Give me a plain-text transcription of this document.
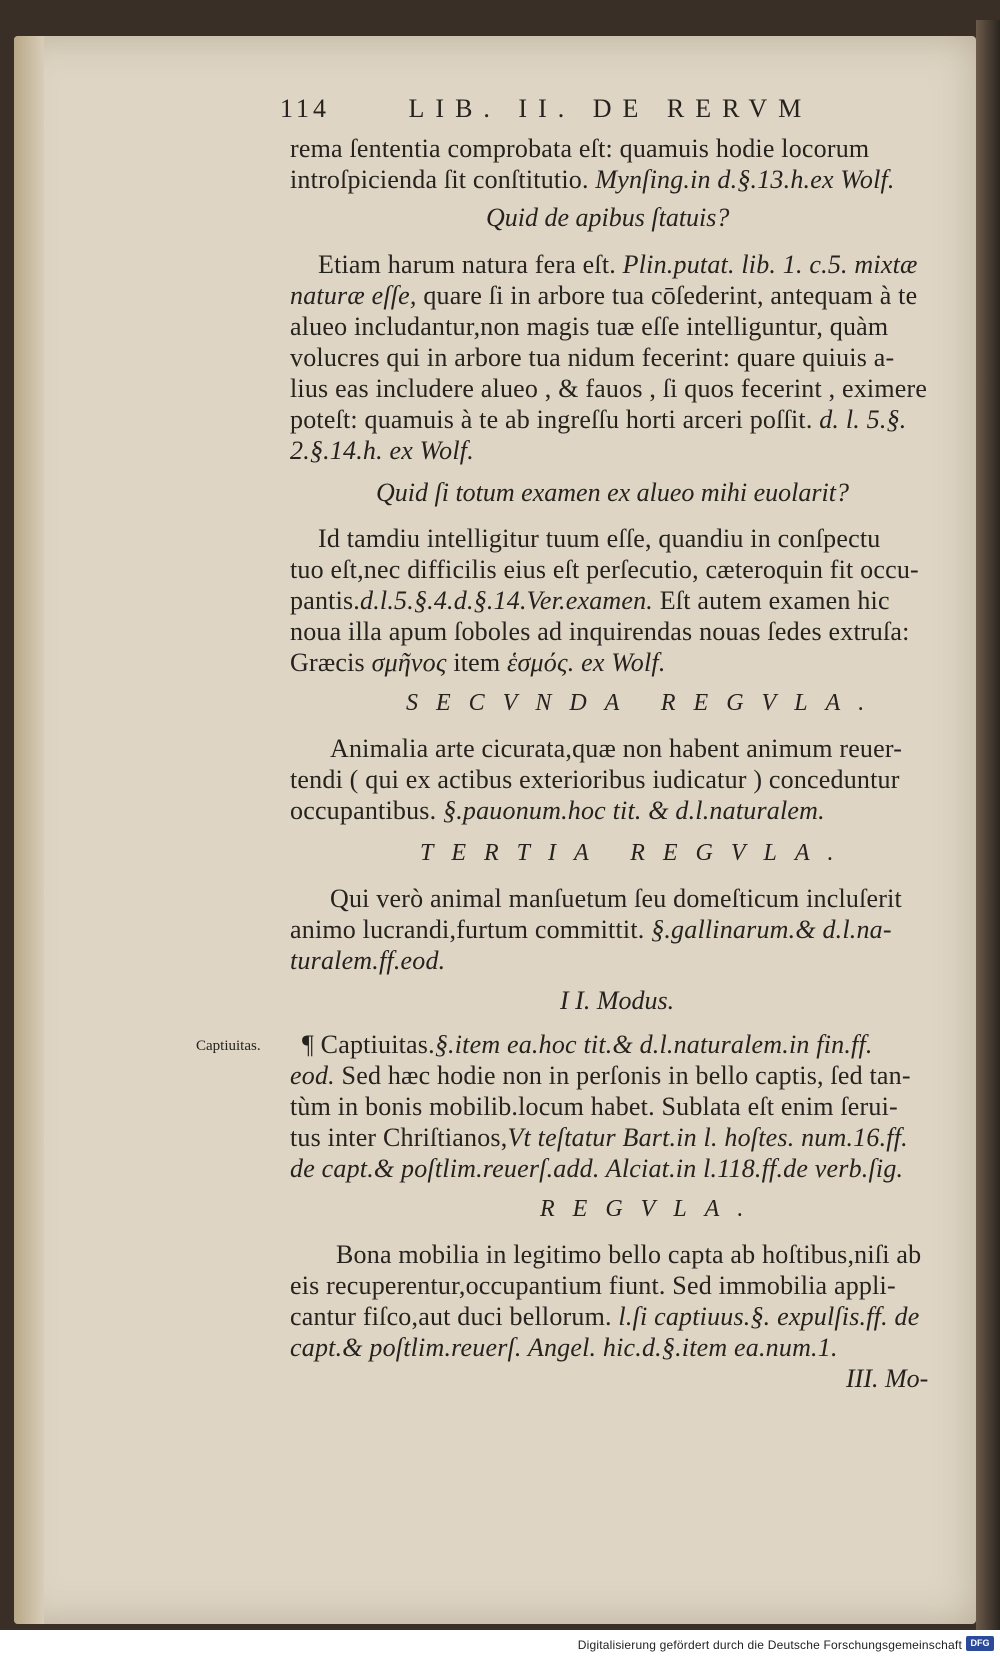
114	LIB. II. DE RERVM
rema ſententia comprobata eſt: quamuis hodie locorum
introſpicienda ſit conſtitutio. Mynſing.in d.§.13.h.ex Wolf.
Quid de apibus ſtatuis?
Etiam harum natura fera eſt. Plin.putat. lib. 1. c.5. mixtæ
naturæ eſſe, quare ſi in arbore tua cōſederint, antequam à te
alueo includantur,non magis tuæ eſſe intelliguntur, quàm
volucres qui in arbore tua nidum fecerint: quare quiuis a-
lius eas includere alueo , & fauos , ſi quos fecerint , eximere
poteſt: quamuis à te ab ingreſſu horti arceri poſſit. d. l. 5.§.
2.§.14.h. ex Wolf.
Quid ſi totum examen ex alueo mihi euolarit?
Id tamdiu intelligitur tuum eſſe, quandiu in conſpectu
tuo eſt,nec difficilis eius eſt perſecutio, cæteroquin fit occu-
pantis.d.l.5.§.4.d.§.14.Ver.examen. Eſt autem examen hic
noua illa apum ſoboles ad inquirendas nouas ſedes extruſa:
Græcis σμῆνος item ἑσμός. ex Wolf.
SECVNDA REGVLA.
Animalia arte cicurata,quæ non habent animum reuer-
tendi ( qui ex actibus exterioribus iudicatur ) conceduntur
occupantibus. §.pauonum.hoc tit. & d.l.naturalem.
TERTIA REGVLA.
Qui verò animal manſuetum ſeu domeſticum incluſerit
animo lucrandi,furtum committit. §.gallinarum.& d.l.na-
turalem.ff.eod.
I I. Modus.
Captiuitas. ¶ Captiuitas.§.item ea.hoc tit.& d.l.naturalem.in fin.ff.
eod. Sed hæc hodie non in perſonis in bello captis, ſed tan-
tùm in bonis mobilib.locum habet. Sublata eſt enim ſerui-
tus inter Chriſtianos,Vt teſtatur Bart.in l. hoſtes. num.16.ff.
de capt.& poſtlim.reuerſ.add. Alciat.in l.118.ff.de verb.ſig.
REGVLA.
Bona mobilia in legitimo bello capta ab hoſtibus,niſi ab
eis recuperentur,occupantium fiunt. Sed immobilia appli-
cantur fiſco,aut duci bellorum. l.ſi captiuus.§. expulſis.ff. de
capt.& poſtlim.reuerſ. Angel. hic.d.§.item ea.num.1.
III. Mo-
Digitalisierung gefördert durch die Deutsche Forschungsgemeinschaft DFG
